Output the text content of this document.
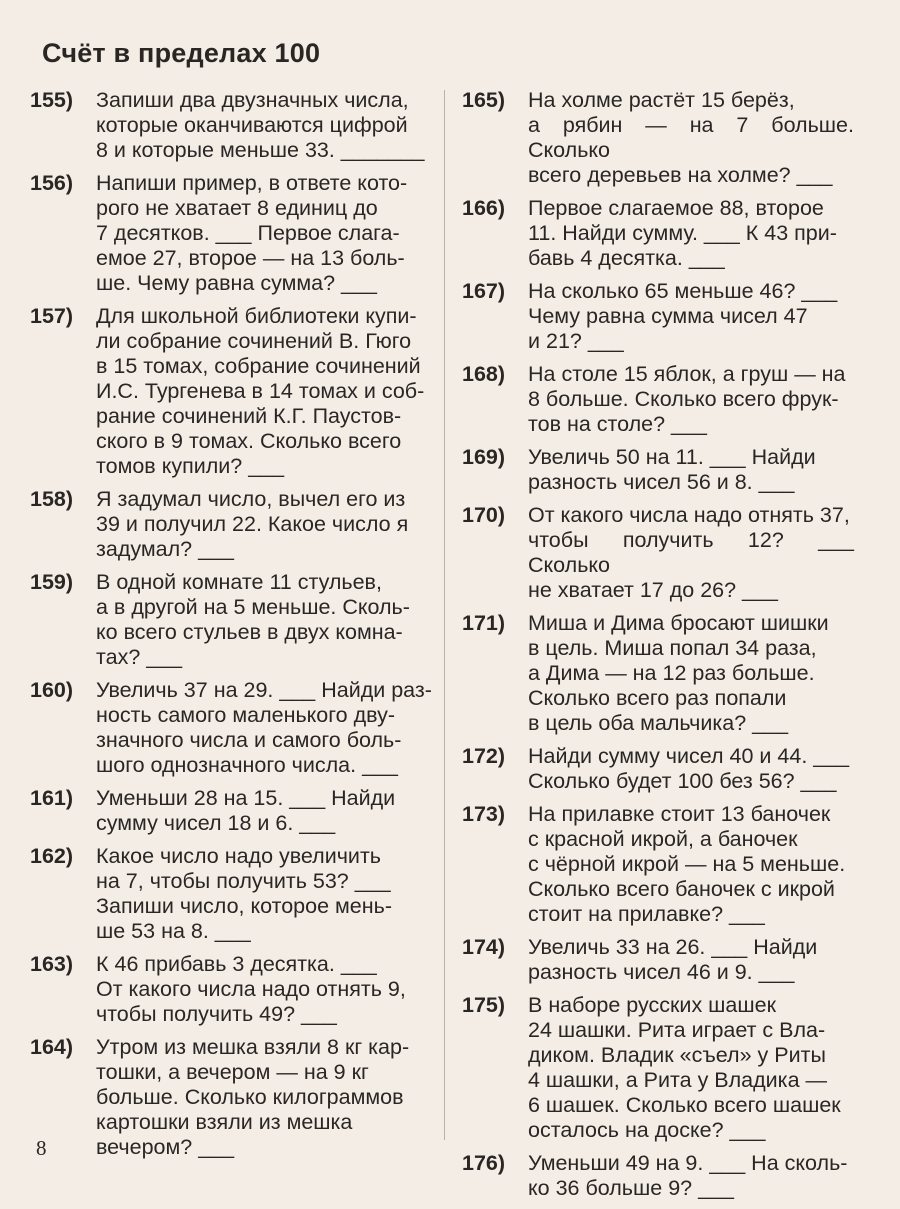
Счёт в пределах 100
155)	Запиши два двузначных числа,
которые оканчиваются цифрой
8 и которые меньше 33. _______
156)	Напиши пример, в ответе кото-
рого не хватает 8 единиц до
7 десятков. ___ Первое слага-
емое 27, второе — на 13 боль-
ше. Чему равна сумма? ___
157)	Для школьной библиотеки купи-
ли собрание сочинений В. Гюго
в 15 томах, собрание сочинений
И.С. Тургенева в 14 томах и соб-
рание сочинений К.Г. Паустов-
ского в 9 томах. Сколько всего
томов купили? ___
158)	Я задумал число, вычел его из
39 и получил 22. Какое число я
задумал? ___
159)	В одной комнате 11 стульев,
а в другой на 5 меньше. Сколь-
ко всего стульев в двух комна-
тах? ___
160)	Увеличь 37 на 29. ___ Найди раз-
ность самого маленького дву-
значного числа и самого боль-
шого однозначного числа. ___
161)	Уменьши 28 на 15. ___ Найди
сумму чисел 18 и 6. ___
162)	Какое число надо увеличить
на 7, чтобы получить 53? ___
Запиши число, которое мень-
ше 53 на 8. ___
163)	К 46 прибавь 3 десятка. ___
От какого числа надо отнять 9,
чтобы получить 49? ___
164)	Утром из мешка взяли 8 кг кар-
тошки, а вечером — на 9 кг
больше. Сколько килограммов
картошки взяли из мешка
вечером? ___
165)	На холме растёт 15 берёз,
а рябин — на 7 больше. Сколько
всего деревьев на холме? ___
166)	Первое слагаемое 88, второе
11. Найди сумму. ___ К 43 при-
бавь 4 десятка. ___
167)	На сколько 65 меньше 46? ___
Чему равна сумма чисел 47
и 21? ___
168)	На столе 15 яблок, а груш — на
8 больше. Сколько всего фрук-
тов на столе? ___
169)	Увеличь 50 на 11. ___ Найди
разность чисел 56 и 8. ___
170)	От какого числа надо отнять 37,
чтобы получить 12? ___ Сколько
не хватает 17 до 26? ___
171)	Миша и Дима бросают шишки
в цель. Миша попал 34 раза,
а Дима — на 12 раз больше.
Сколько всего раз попали
в цель оба мальчика? ___
172)	Найди сумму чисел 40 и 44. ___
Сколько будет 100 без 56? ___
173)	На прилавке стоит 13 баночек
с красной икрой, а баночек
с чёрной икрой — на 5 меньше.
Сколько всего баночек с икрой
стоит на прилавке? ___
174)	Увеличь 33 на 26. ___ Найди
разность чисел 46 и 9. ___
175)	В наборе русских шашек
24 шашки. Рита играет с Вла-
диком. Владик «съел» у Риты
4 шашки, а Рита у Владика —
6 шашек. Сколько всего шашек
осталось на доске? ___
176)	Уменьши 49 на 9. ___ На сколь-
ко 36 больше 9? ___
8
